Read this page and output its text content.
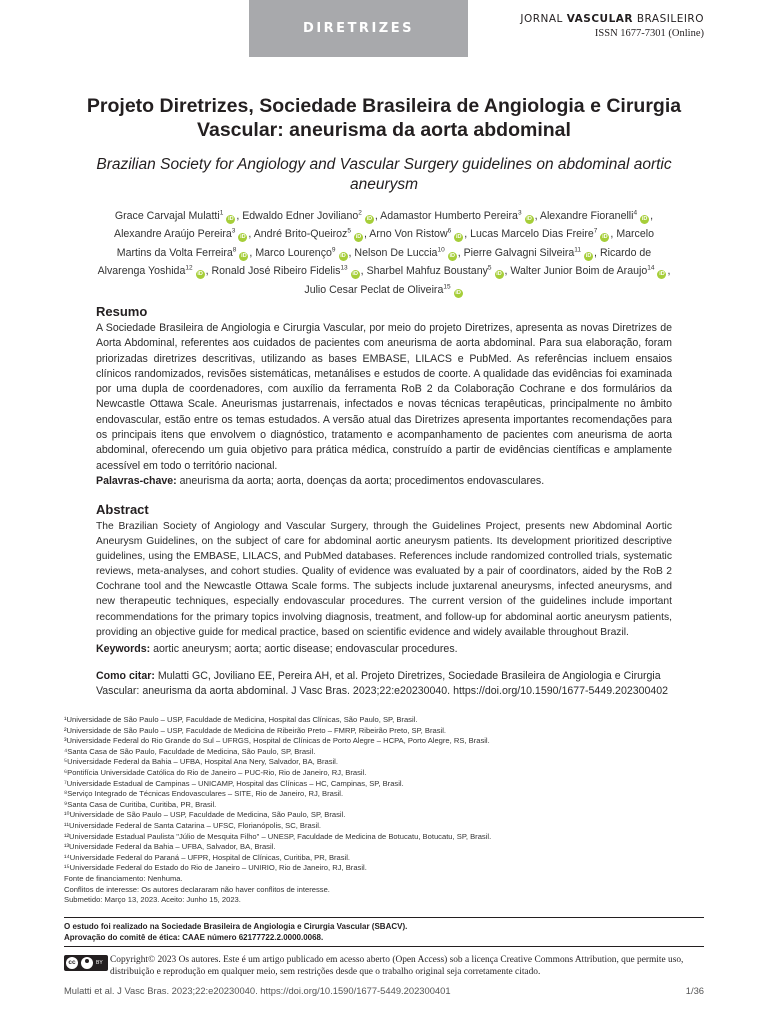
DIRETRIZES
JORNAL VASCULAR BRASILEIRO
ISSN 1677-7301 (Online)
Projeto Diretrizes, Sociedade Brasileira de Angiologia e Cirurgia Vascular: aneurisma da aorta abdominal
Brazilian Society for Angiology and Vascular Surgery guidelines on abdominal aortic aneurysm
Grace Carvajal Mulatti$^1$iD , Edwaldo Edner Joviliano$^2$iD , Adamastor Humberto Pereira$^3$iD , Alexandre Fioranelli$^4$iD , Alexandre Araújo Pereira$^3$iD , André Brito-Queiroz$^5$iD , Arno Von Ristow$^6$iD , Lucas Marcelo Dias Freire$^7$iD , Marcelo Martins da Volta Ferreira$^8$iD , Marco Lourenço$^9$iD , Nelson De Luccia$^{10}$iD , Pierre Galvagni Silveira$^{11}$iD , Ricardo de Alvarenga Yoshida$^{12}$iD , Ronald José Ribeiro Fidelis$^{13}$iD , Sharbel Mahfuz Boustany$^5$iD , Walter Junior Boim de Araujo$^{14}$iD , Julio Cesar Peclat de Oliveira$^{15}$iD
Resumo
A Sociedade Brasileira de Angiologia e Cirurgia Vascular, por meio do projeto Diretrizes, apresenta as novas Diretrizes de Aorta Abdominal, referentes aos cuidados de pacientes com aneurisma de aorta abdominal. Para sua elaboração, foram priorizadas diretrizes descritivas, utilizando as bases EMBASE, LILACS e PubMed. As referências incluem ensaios clínicos randomizados, revisões sistemáticas, metanálises e estudos de coorte. A qualidade das evidências foi examinada por uma dupla de coordenadores, com auxílio da ferramenta RoB 2 da Colaboração Cochrane e dos formulários da Newcastle Ottawa Scale. Aneurismas justarrenais, infectados e novas técnicas terapêuticas, principalmente no âmbito endovascular, estão entre os temas estudados. A versão atual das Diretrizes apresenta importantes recomendações para os principais itens que envolvem o diagnóstico, tratamento e acompanhamento de pacientes com aneurisma de aorta abdominal, oferecendo um guia objetivo para prática médica, construído a partir de evidências científicas e amplamente acessível em todo o território nacional.
Palavras-chave: aneurisma da aorta; aorta, doenças da aorta; procedimentos endovasculares.
Abstract
The Brazilian Society of Angiology and Vascular Surgery, through the Guidelines Project, presents new Abdominal Aortic Aneurysm Guidelines, on the subject of care for abdominal aortic aneurysm patients. Its development prioritized descriptive guidelines, using the EMBASE, LILACS, and PubMed databases. References include randomized controlled trials, systematic reviews, meta-analyses, and cohort studies. Quality of evidence was evaluated by a pair of coordinators, aided by the RoB 2 Cochrane tool and the Newcastle Ottawa Scale forms. The subjects include juxtarenal aneurysms, infected aneurysms, and new therapeutic techniques, especially endovascular procedures. The current version of the guidelines include important recommendations for the primary topics involving diagnosis, treatment, and follow-up for abdominal aortic aneurysm patients, providing an objective guide for medical practice, based on scientific evidence and widely available throughout Brazil.
Keywords: aortic aneurysm; aorta; aortic disease; endovascular procedures.
Como citar: Mulatti GC, Joviliano EE, Pereira AH, et al. Projeto Diretrizes, Sociedade Brasileira de Angiologia e Cirurgia Vascular: aneurisma da aorta abdominal. J Vasc Bras. 2023;22:e20230040. https://doi.org/10.1590/1677-5449.202300402
¹Universidade de São Paulo – USP, Faculdade de Medicina, Hospital das Clínicas, São Paulo, SP, Brasil.
²Universidade de São Paulo – USP, Faculdade de Medicina de Ribeirão Preto – FMRP, Ribeirão Preto, SP, Brasil.
³Universidade Federal do Rio Grande do Sul – UFRGS, Hospital de Clínicas de Porto Alegre – HCPA, Porto Alegre, RS, Brasil.
⁴Santa Casa de São Paulo, Faculdade de Medicina, São Paulo, SP, Brasil.
⁵Universidade Federal da Bahia – UFBA, Hospital Ana Nery, Salvador, BA, Brasil.
⁶Pontifícia Universidade Católica do Rio de Janeiro – PUC-Rio, Rio de Janeiro, RJ, Brasil.
⁷Universidade Estadual de Campinas – UNICAMP, Hospital das Clínicas – HC, Campinas, SP, Brasil.
⁸Serviço Integrado de Técnicas Endovasculares – SITE, Rio de Janeiro, RJ, Brasil.
⁹Santa Casa de Curitiba, Curitiba, PR, Brasil.
¹⁰Universidade de São Paulo – USP, Faculdade de Medicina, São Paulo, SP, Brasil.
¹¹Universidade Federal de Santa Catarina – UFSC, Florianópolis, SC, Brasil.
¹²Universidade Estadual Paulista "Júlio de Mesquita Filho" – UNESP, Faculdade de Medicina de Botucatu, Botucatu, SP, Brasil.
¹³Universidade Federal da Bahia – UFBA, Salvador, BA, Brasil.
¹⁴Universidade Federal do Paraná – UFPR, Hospital de Clínicas, Curitiba, PR, Brasil.
¹⁵Universidade Federal do Estado do Rio de Janeiro – UNIRIO, Rio de Janeiro, RJ, Brasil.
Fonte de financiamento: Nenhuma.
Conflitos de interesse: Os autores declararam não haver conflitos de interesse.
Submetido: Março 13, 2023. Aceito: Junho 15, 2023.
O estudo foi realizado na Sociedade Brasileira de Angiologia e Cirurgia Vascular (SBACV).
Aprovação do comitê de ética: CAAE número 62177722.2.0000.0068.
cc	BY Copyright© 2023 Os autores. Este é um artigo publicado em acesso aberto (Open Access) sob a licença Creative Commons Attribution, que permite uso, distribuição e reprodução em qualquer meio, sem restrições desde que o trabalho original seja corretamente citado.
Mulatti et al. J Vasc Bras. 2023;22:e20230040. https://doi.org/10.1590/1677-5449.202300401	1/36
